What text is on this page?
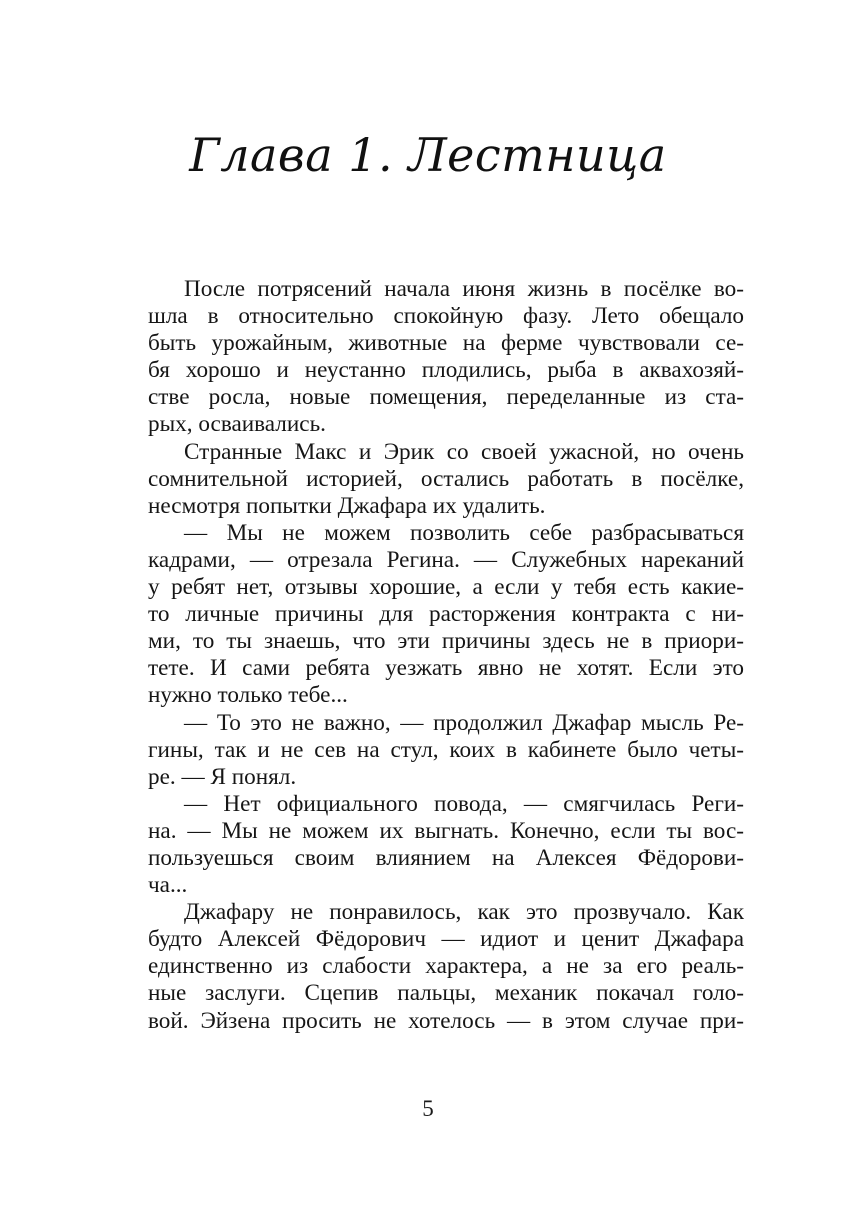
Глава 1. Лестница
После потрясений начала июня жизнь в посёлке во-
шла в относительно спокойную фазу. Лето обещало
быть урожайным, животные на ферме чувствовали се-
бя хорошо и неустанно плодились, рыба в аквахозяй-
стве росла, новые помещения, переделанные из ста-
рых, осваивались.
Странные Макс и Эрик со своей ужасной, но очень
сомнительной историей, остались работать в посёлке,
несмотря попытки Джафара их удалить.
— Мы не можем позволить себе разбрасываться
кадрами, — отрезала Регина. — Служебных нареканий
у ребят нет, отзывы хорошие, а если у тебя есть какие-
то личные причины для расторжения контракта с ни-
ми, то ты знаешь, что эти причины здесь не в приори-
тете. И сами ребята уезжать явно не хотят. Если это
нужно только тебе...
— То это не важно, — продолжил Джафар мысль Ре-
гины, так и не сев на стул, коих в кабинете было четы-
ре. — Я понял.
— Нет официального повода, — смягчилась Реги-
на. — Мы не можем их выгнать. Конечно, если ты вос-
пользуешься своим влиянием на Алексея Фёдорови-
ча...
Джафару не понравилось, как это прозвучало. Как
будто Алексей Фёдорович — идиот и ценит Джафара
единственно из слабости характера, а не за его реаль-
ные заслуги. Сцепив пальцы, механик покачал голо-
вой. Эйзена просить не хотелось — в этом случае при-
5
